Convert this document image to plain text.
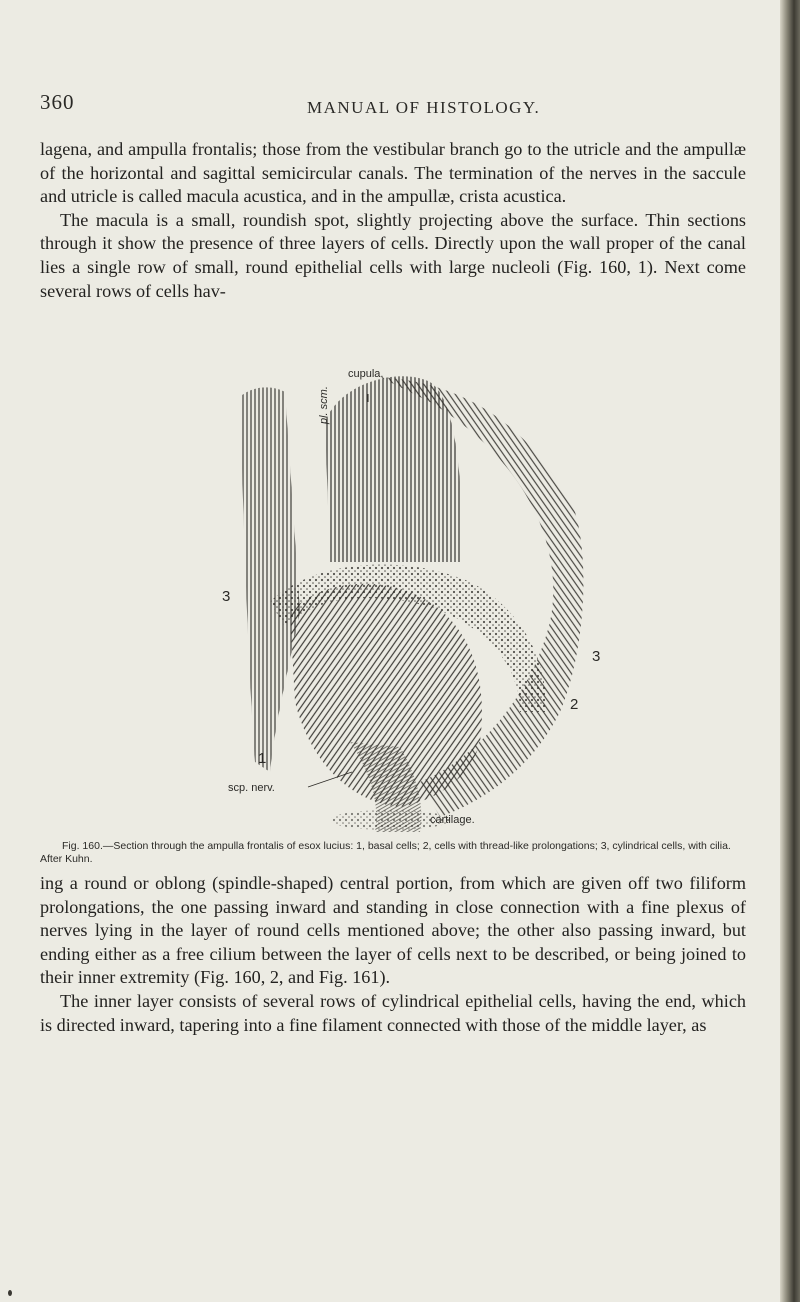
360	MANUAL OF HISTOLOGY.

lagena, and ampulla frontalis; those from the vestibular branch go to the utricle and the ampullæ of the horizontal and sagittal semicircular canals. The termination of the nerves in the saccule and utricle is called macula acustica, and in the ampullæ, crista acustica.

The macula is a small, roundish spot, slightly projecting above the surface. Thin sections through it show the presence of three layers of cells. Directly upon the wall proper of the canal lies a single row of small, round epithelial cells with large nucleoli (Fig. 160, 1). Next come several rows of cells hav-

cupula.
pl. scm.
3
3
2
1
scp. nerv.
cartilage.

Fig. 160.—Section through the ampulla frontalis of esox lucius: 1, basal cells; 2, cells with thread-like prolongations; 3, cylindrical cells, with cilia. After Kuhn.

ing a round or oblong (spindle-shaped) central portion, from which are given off two filiform prolongations, the one passing inward and standing in close connection with a fine plexus of nerves lying in the layer of round cells mentioned above; the other also passing inward, but ending either as a free cilium between the layer of cells next to be described, or being joined to their inner extremity (Fig. 160, 2, and Fig. 161).

The inner layer consists of several rows of cylindrical epithelial cells, having the end, which is directed inward, tapering into a fine filament connected with those of the middle layer, as
